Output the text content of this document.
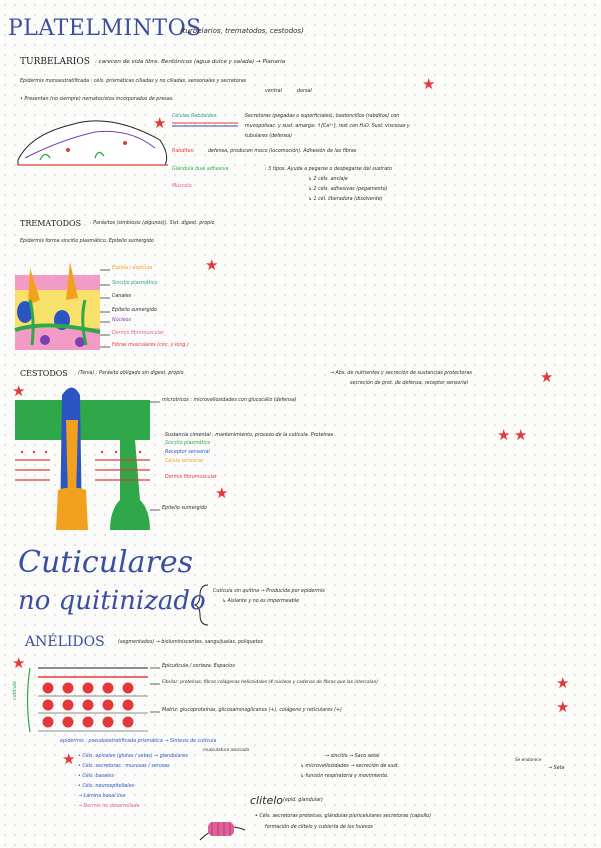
PLATELMINTOS
(turbelarios, trematodos, cestodos)
TURBELARIOS : carecen de vida libre. Bentónicos (agua dulce y salada) → Planaria
Epidermis monoestratificada : céls. prismáticas ciliadas y no ciliadas, sensoriales y secretoras
ventral	dorsal	★
• Presentan (no siempre) nematocistos incorporados de presas.
★ Células Rabdoides:	Secretoras (pegadas o superficiales), bastoncillos (rabditos) con
mucopolisac. y sust. amarga. ↑[Ca²⁺], rest con H₂O. Sust. viscosas y
tubulares (defensa)
Rabdites:	defensa, producen moco (locomoción). Adhesión de las fibras
Glándula dual adhesiva	: 3 tipos. Ayuda a pegarse o despegarse del sustrato
↳ 2 céls. anclaje
↳ 2 céls. adhesivas (pegamento)
↳ 1 cél. liberadora (disolvente)
Músculo
TREMATODOS : Parásitos (simbiosis (algunos)). Sist. digest. propio
Epidermis forma sincitio plasmático. Epitelio sumergido
★
Espina / espícula
Sincitio plasmático
Canales
Epitelio sumergido
Núcleos
Dermis fibromuscular
Fibras musculares (circ. y long.)
CESTODOS (Tenia) : Parásito obligado sin digest. propio	→ Abs. de nutrientes y secreción de sustancias protectoras
secreción de prot. de defensa, receptor sensorial	★
★
microtricos : microvellosidades con glucocáliz (defensa)
Sustancia cimental : mantenimiento, proceso de la cutícula. Proteínas	★ ★
Sincitio plasmático
Receptor sensorial
Célula sensorial
Dermis fibromuscular
★
Epitelio sumergido
Cuticulares
no quitinizado Cutícula sin quitina → Producida por epidermis
↳ Aislante y no es impermeable
ANÉLIDOS	(segmentados) → bioluminiscentes, sanguijuelas, poliquetos
★
cutícula
Epicutícula / corteza. Espacios
Fibrilar: proteínas, fibras colágenas helicoidales (4 núcleos y cadenas de fibras que las intercalan)	★
Matriz: glucoproteínas, glicosaminoglicanos (+), colágeno y reticulares (+)	★
epidermis : pseudoestratificada prismática → Síntesis de cutícula
musculatura asociada
★ • Céls. apicales (glutas / setas) → glandulares
• Céls. secretoras : mucosas / serosas
• Céls. basales
• Céls. neuroepiteliales
→ Lámina basal lisa
→ Dermis no desarrollada
→ sincitio → Saco setal
↳ microvellosidades → secreción de sust.
↳ función respiratoria y movimiento.
Se endurece
→ Seta
clitelo (epid. glandular)
• Céls. secretoras proteicas, glándulas pluricelulares secretoras (capullo)
formación de clitelo y cubierta de los huevos
